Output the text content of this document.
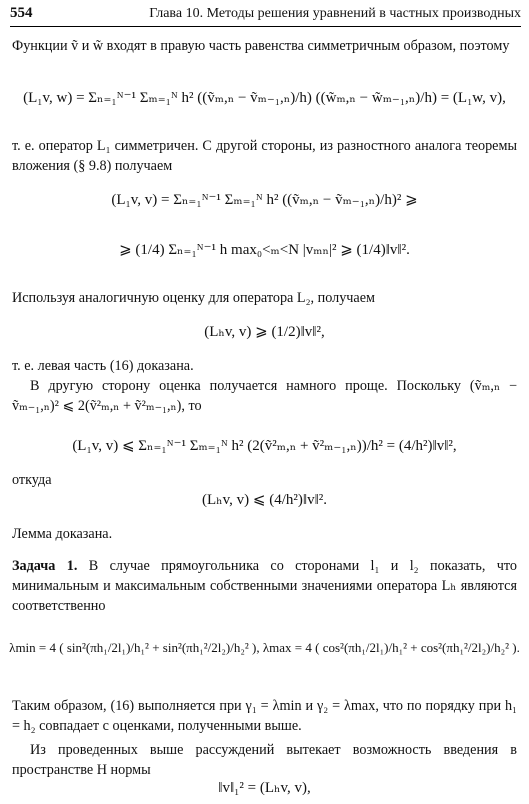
554	Глава 10. Методы решения уравнений в частных производных

Функции ṽ и w̃ входят в правую часть равенства симметричным образом, поэтому

(L₁v, w) = Σₙ₌₁ᴺ⁻¹ Σₘ₌₁ᴺ h² ((ṽₘ,ₙ − ṽₘ₋₁,ₙ)/h) ((w̃ₘ,ₙ − w̃ₘ₋₁,ₙ)/h) = (L₁w, v),

т. е. оператор L₁ симметричен. С другой стороны, из разностного аналога теоремы вложения (§ 9.8) получаем

(L₁v, v) = Σₙ₌₁ᴺ⁻¹ Σₘ₌₁ᴺ h² ((ṽₘ,ₙ − ṽₘ₋₁,ₙ)/h)² ⩾
⩾ (1/4) Σₙ₌₁ᴺ⁻¹ h max₀<ₘ<N |vₘₙ|² ⩾ (1/4)‖v‖².

Используя аналогичную оценку для оператора L₂, получаем

(Lₕv, v) ⩾ (1/2)‖v‖²,

т. е. левая часть (16) доказана.

В другую сторону оценка получается намного проще. Поскольку (ṽₘ,ₙ − ṽₘ₋₁,ₙ)² ⩽ 2(ṽ²ₘ,ₙ + ṽ²ₘ₋₁,ₙ), то

(L₁v, v) ⩽ Σₙ₌₁ᴺ⁻¹ Σₘ₌₁ᴺ h² (2(ṽ²ₘ,ₙ + ṽ²ₘ₋₁,ₙ))/h² = (4/h²)‖v‖²,

откуда

(Lₕv, v) ⩽ (4/h²)‖v‖².

Лемма доказана.

Задача 1. В случае прямоугольника со сторонами l₁ и l₂ показать, что минимальным и максимальным собственными значениями оператора Lₕ являются соответственно

λmin = 4 ( sin²(πh₁/2l₁)/h₁² + sin²(πh₁²/2l₂)/h₂² ), λmax = 4 ( cos²(πh₁/2l₁)/h₁² + cos²(πh₁²/2l₂)/h₂² ).

Таким образом, (16) выполняется при γ₁ = λmin и γ₂ = λmax, что по порядку при h₁ = h₂ совпадает с оценками, полученными выше.

Из проведенных выше рассуждений вытекает возможность введения в пространстве H нормы

‖v‖₁² = (Lₕv, v),
